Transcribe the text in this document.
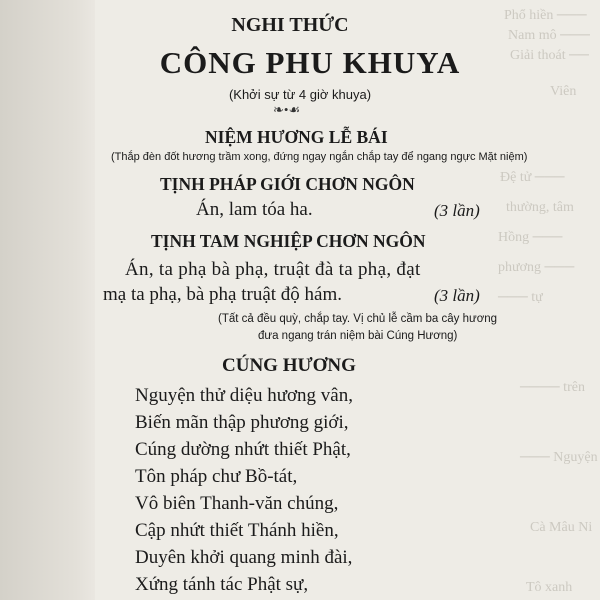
Phổ hiền ───
Nam mô ───
Giải thoát ──
Viên
Đệ tử ───
thường, tâm
Hồng ───
phương ───
─── tự
──── trên
─── Nguyện
Cà Mâu Ni
Tô xanh
NGHI THỨC
CÔNG PHU KHUYA
(Khởi sự từ 4 giờ khuya)
❧•☙
NIỆM HƯƠNG LỄ BÁI
(Thắp đèn đốt hương trầm xong, đứng ngay ngắn chắp tay để ngang ngực Mặt niệm)
TỊNH PHÁP GIỚI CHƠN NGÔN
Án, lam tóa ha.	(3 lần)
TỊNH TAM NGHIỆP CHƠN NGÔN
Án, ta phạ bà phạ, truật đà ta phạ, đạt
mạ ta phạ, bà phạ truật độ hám.	(3 lần)
(Tất cả đều quỳ, chắp tay. Vị chủ lễ cầm ba cây hương
đưa ngang trán niệm bài Cúng Hương)
CÚNG HƯƠNG
Nguyện thử diệu hương vân,
Biến mãn thập phương giới,
Cúng dường nhứt thiết Phật,
Tôn pháp chư Bồ-tát,
Vô biên Thanh-văn chúng,
Cập nhứt thiết Thánh hiền,
Duyên khởi quang minh đài,
Xứng tánh tác Phật sự,
